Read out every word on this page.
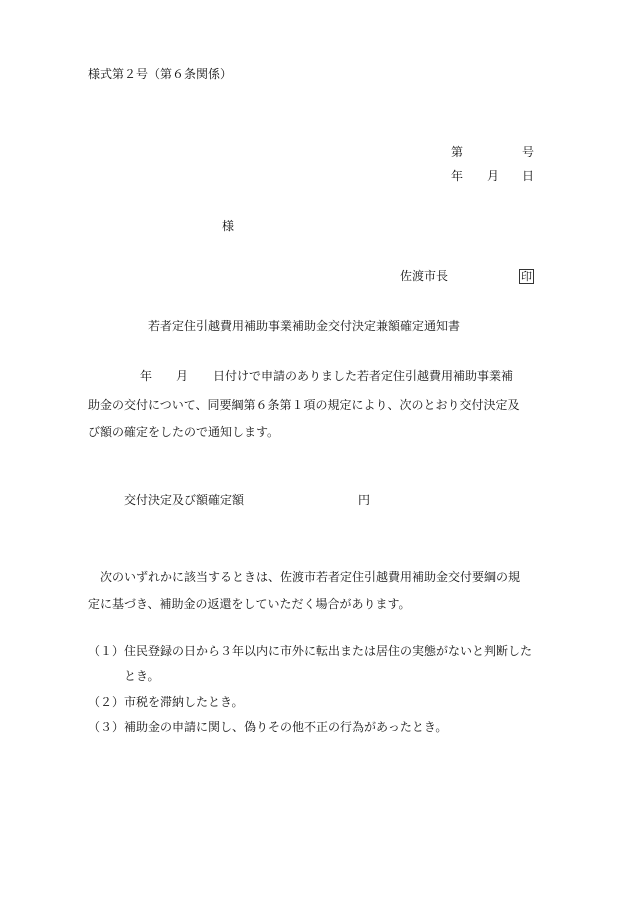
様式第２号（第６条関係）
第	号
年 月 日
様
佐渡市長	印
若者定住引越費用補助事業補助金交付決定兼額確定通知書
年 月 日付けで申請のありました若者定住引越費用補助事業補
助金の交付について、同要綱第６条第１項の規定により、次のとおり交付決定及
び額の確定をしたので通知します。
交付決定及び額確定額	円
次のいずれかに該当するときは、佐渡市若者定住引越費用補助金交付要綱の規
定に基づき、補助金の返還をしていただく場合があります。
（１） 住民登録の日から３年以内に市外に転出または居住の実態がないと判断した
とき。
（２） 市税を滞納したとき。
（３） 補助金の申請に関し、偽りその他不正の行為があったとき。
